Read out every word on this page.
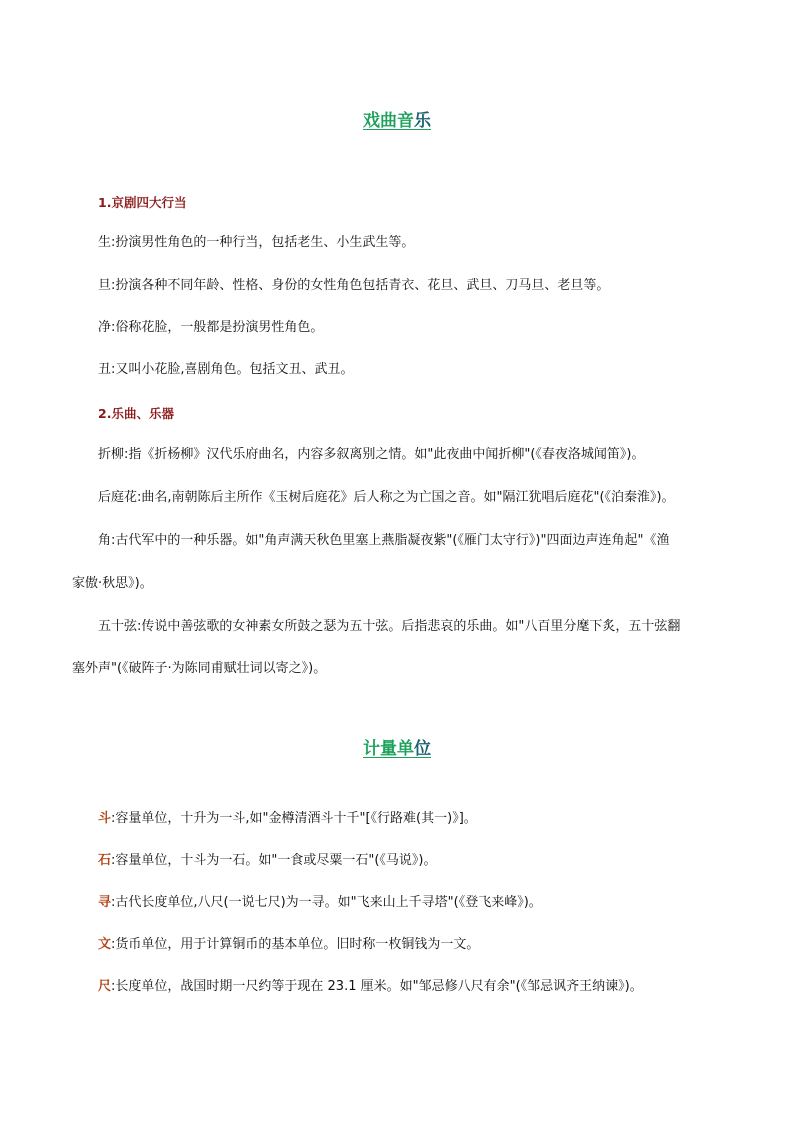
戏曲音乐
1.京剧四大行当
生:扮演男性角色的一种行当，包括老生、小生武生等。
旦:扮演各种不同年龄、性格、身份的女性角色包括青衣、花旦、武旦、刀马旦、老旦等。
净:俗称花脸，一般都是扮演男性角色。
丑:又叫小花脸,喜剧角色。包括文丑、武丑。
2.乐曲、乐器
折柳:指《折杨柳》汉代乐府曲名，内容多叙离别之情。如"此夜曲中闻折柳"(《春夜洛城闻笛》)。
后庭花:曲名,南朝陈后主所作《玉树后庭花》后人称之为亡国之音。如"隔江犹唱后庭花"(《泊秦淮》)。
角:古代军中的一种乐器。如"角声满天秋色里塞上燕脂凝夜紫"(《雁门太守行》)"四面边声连角起"《渔
家傲·秋思》)。
五十弦:传说中善弦歌的女神素女所鼓之瑟为五十弦。后指悲哀的乐曲。如"八百里分麾下炙，五十弦翻
塞外声"(《破阵子·为陈同甫赋壮词以寄之》)。
计量单位
斗:容量单位，十升为一斗,如"金樽清酒斗十千"[《行路难(其一)》]。
石:容量单位，十斗为一石。如"一食或尽粟一石"(《马说》)。
寻:古代长度单位,八尺(一说七尺)为一寻。如"飞来山上千寻塔"(《登飞来峰》)。
文:货币单位，用于计算铜币的基本单位。旧时称一枚铜钱为一文。
尺:长度单位，战国时期一尺约等于现在 23.1 厘米。如"邹忌修八尺有余"(《邹忌讽齐王纳谏》)。
